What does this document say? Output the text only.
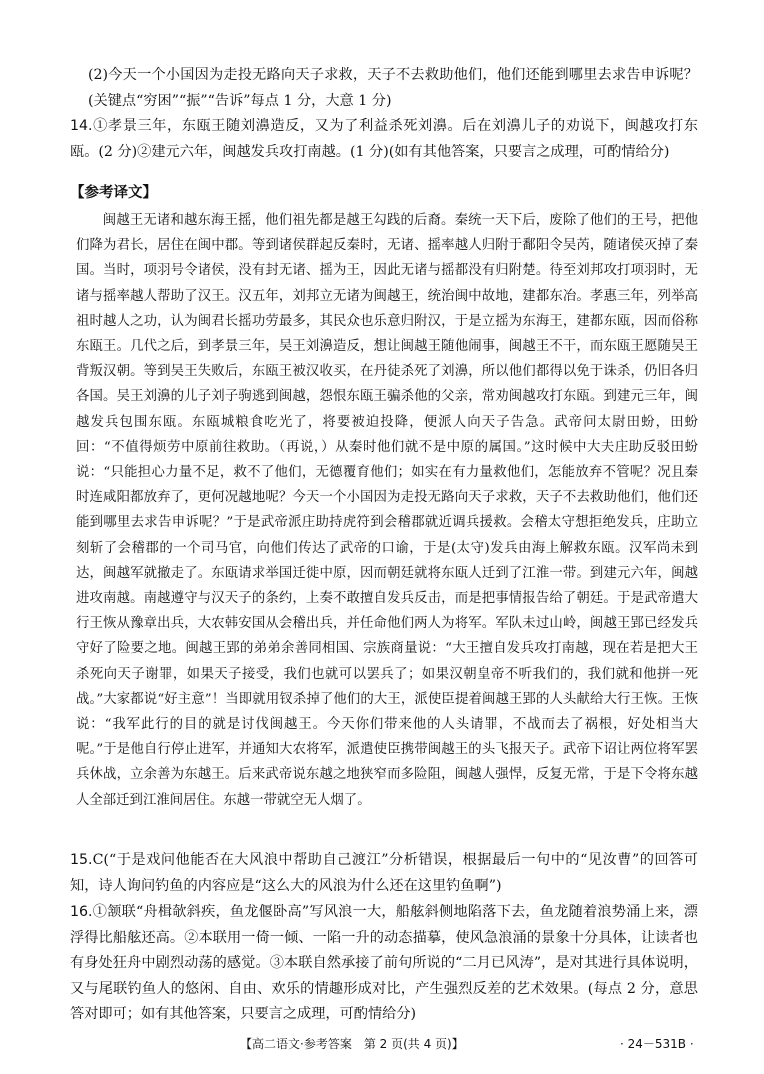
(2)今天一个小国因为走投无路向天子求救，天子不去救助他们，他们还能到哪里去求告申诉呢？(关键点“穷困”“振”“告诉”每点 1 分，大意 1 分)
14.①孝景三年，东瓯王随刘濞造反，又为了利益杀死刘濞。后在刘濞儿子的劝说下，闽越攻打东瓯。(2 分)②建元六年，闽越发兵攻打南越。(1 分)(如有其他答案，只要言之成理，可酌情给分)
【参考译文】

闽越王无诸和越东海王摇，他们祖先都是越王勾践的后裔。秦统一天下后，废除了他们的王号，把他们降为君长，居住在闽中郡。等到诸侯群起反秦时，无诸、摇率越人归附于鄱阳令吴芮，随诸侯灭掉了秦国。当时，项羽号令诸侯，没有封无诸、摇为王，因此无诸与摇都没有归附楚。待至刘邦攻打项羽时，无诸与摇率越人帮助了汉王。汉五年，刘邦立无诸为闽越王，统治闽中故地，建都东冶。孝惠三年，列举高祖时越人之功，认为闽君长摇功劳最多，其民众也乐意归附汉，于是立摇为东海王，建都东瓯，因而俗称东瓯王。几代之后，到孝景三年，吴王刘濞造反，想让闽越王随他闹事，闽越王不干，而东瓯王愿随吴王背叛汉朝。等到吴王失败后，东瓯王被汉收买，在丹徒杀死了刘濞，所以他们都得以免于诛杀，仍旧各归各国。吴王刘濞的儿子刘子驹逃到闽越，怨恨东瓯王骗杀他的父亲，常劝闽越攻打东瓯。到建元三年，闽越发兵包围东瓯。东瓯城粮食吃光了，将要被迫投降，便派人向天子告急。武帝问太尉田蚡，田蚡回：“不值得烦劳中原前往救助。（再说，）从秦时他们就不是中原的属国。”这时候中大夫庄助反驳田蚡说：“只能担心力量不足，救不了他们，无德覆育他们；如实在有力量救他们，怎能放弃不管呢？况且秦时连咸阳都放弃了，更何况越地呢？今天一个小国因为走投无路向天子求救，天子不去救助他们，他们还能到哪里去求告申诉呢？”于是武帝派庄助持虎符到会稽郡就近调兵援救。会稽太守想拒绝发兵，庄助立刻斩了会稽郡的一个司马官，向他们传达了武帝的口谕，于是(太守)发兵由海上解救东瓯。汉军尚未到达，闽越军就撤走了。东瓯请求举国迁徙中原，因而朝廷就将东瓯人迁到了江淮一带。到建元六年，闽越进攻南越。南越遵守与汉天子的条约，上奏不敢擅自发兵反击，而是把事情报告给了朝廷。于是武帝遣大行王恢从豫章出兵，大农韩安国从会稽出兵，并任命他们两人为将军。军队未过山岭，闽越王郢已经发兵守好了险要之地。闽越王郢的弟弟余善同相国、宗族商量说：“大王擅自发兵攻打南越，现在若是把大王杀死向天子谢罪，如果天子接受，我们也就可以罢兵了；如果汉朝皇帝不听我们的，我们就和他拼一死战。”大家都说“好主意”！当即就用钗杀掉了他们的大王，派使臣提着闽越王郢的人头献给大行王恢。王恢说：“我军此行的目的就是讨伐闽越王。今天你们带来他的人头请罪，不战而去了祸根，好处相当大呢。”于是他自行停止进军，并通知大农将军，派遣使臣携带闽越王的头飞报天子。武帝下诏让两位将军罢兵休战，立余善为东越王。后来武帝说东越之地狭窄而多险阻，闽越人强悍，反复无常，于是下令将东越人全部迁到江淮间居住。东越一带就空无人烟了。

15.C(“于是戏问他能否在大风浪中帮助自己渡江”分析错误，根据最后一句中的“见汝曹”的回答可知，诗人询问钓鱼的内容应是“这么大的风浪为什么还在这里钓鱼啊”)
16.①颔联“舟楫欹斜疾，鱼龙偃卧高”写风浪一大，船舷斜侧地陷落下去，鱼龙随着浪势涌上来，漂浮得比船舷还高。②本联用一倚一倾、一陷一升的动态描摹，使风急浪涌的景象十分具体，让读者也有身处狂舟中剧烈动荡的感觉。③本联自然承接了前句所说的“二月已风涛”，是对其进行具体说明，又与尾联钓鱼人的悠闲、自由、欢乐的情趣形成对比，产生强烈反差的艺术效果。(每点 2 分，意思答对即可；如有其他答案，只要言之成理，可酌情给分)
【高二语文·参考答案　第 2 页(共 4 页)】	· 24－531B ·
